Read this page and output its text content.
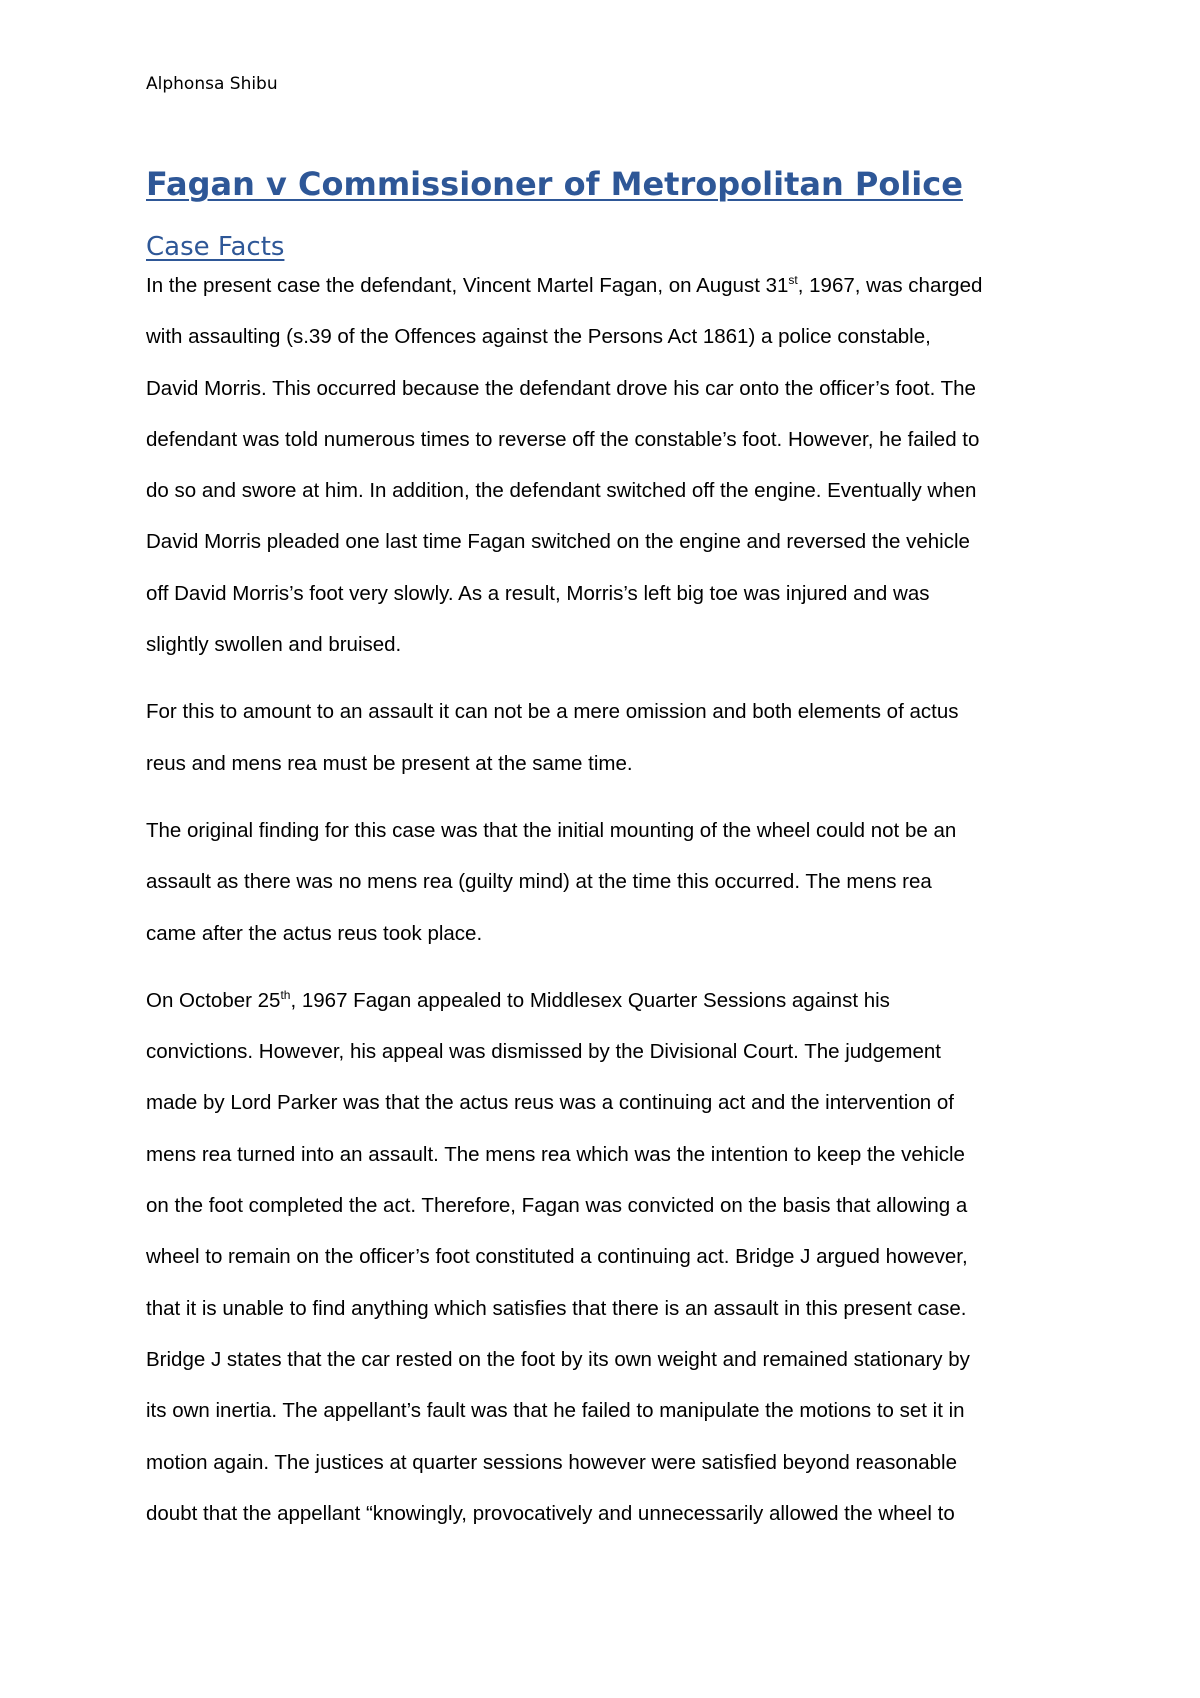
Alphonsa Shibu
Fagan v Commissioner of Metropolitan Police
Case Facts
In the present case the defendant, Vincent Martel Fagan, on August 31st, 1967, was charged
with assaulting (s.39 of the Offences against the Persons Act 1861) a police constable,
David Morris. This occurred because the defendant drove his car onto the officer’s foot. The
defendant was told numerous times to reverse off the constable’s foot. However, he failed to
do so and swore at him. In addition, the defendant switched off the engine. Eventually when
David Morris pleaded one last time Fagan switched on the engine and reversed the vehicle
off David Morris’s foot very slowly. As a result, Morris’s left big toe was injured and was
slightly swollen and bruised.
For this to amount to an assault it can not be a mere omission and both elements of actus
reus and mens rea must be present at the same time.
The original finding for this case was that the initial mounting of the wheel could not be an
assault as there was no mens rea (guilty mind) at the time this occurred. The mens rea
came after the actus reus took place.
On October 25th, 1967 Fagan appealed to Middlesex Quarter Sessions against his
convictions. However, his appeal was dismissed by the Divisional Court. The judgement
made by Lord Parker was that the actus reus was a continuing act and the intervention of
mens rea turned into an assault. The mens rea which was the intention to keep the vehicle
on the foot completed the act. Therefore, Fagan was convicted on the basis that allowing a
wheel to remain on the officer’s foot constituted a continuing act. Bridge J argued however,
that it is unable to find anything which satisfies that there is an assault in this present case.
Bridge J states that the car rested on the foot by its own weight and remained stationary by
its own inertia. The appellant’s fault was that he failed to manipulate the motions to set it in
motion again. The justices at quarter sessions however were satisfied beyond reasonable
doubt that the appellant “knowingly, provocatively and unnecessarily allowed the wheel to
